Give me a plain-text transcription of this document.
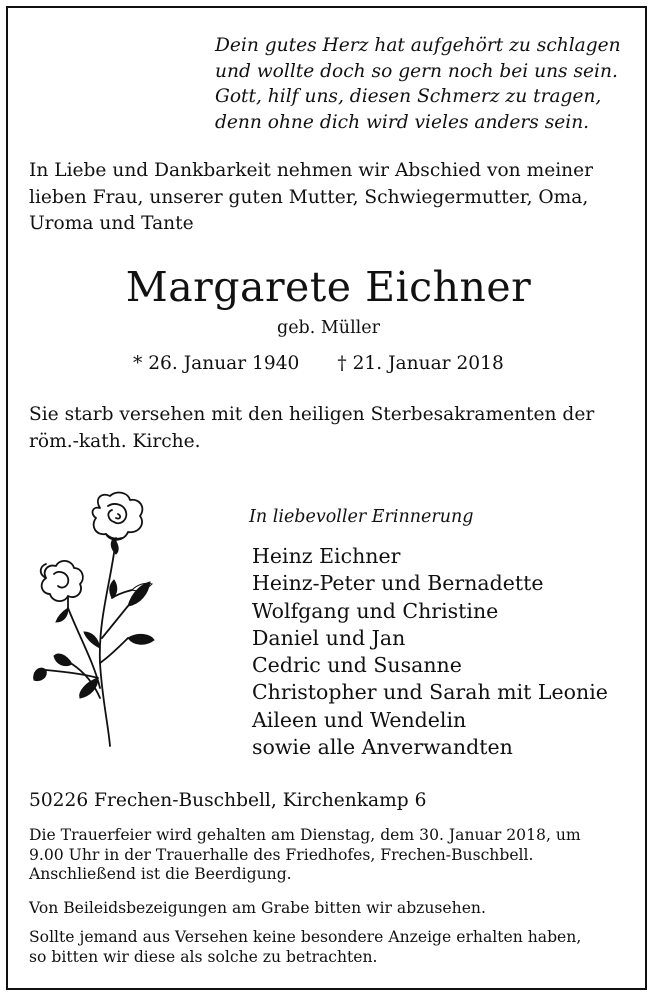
Dein gutes Herz hat aufgehört zu schlagen
und wollte doch so gern noch bei uns sein.
Gott, hilf uns, diesen Schmerz zu tragen,
denn ohne dich wird vieles anders sein.
In Liebe und Dankbarkeit nehmen wir Abschied von meiner
lieben Frau, unserer guten Mutter, Schwiegermutter, Oma,
Uroma und Tante
Margarete Eichner
geb. Müller
* 26. Januar 1940 † 21. Januar 2018
Sie starb versehen mit den heiligen Sterbesakramenten der
röm.-kath. Kirche.
In liebevoller Erinnerung
Heinz Eichner
Heinz-Peter und Bernadette
Wolfgang und Christine
Daniel und Jan
Cedric und Susanne
Christopher und Sarah mit Leonie
Aileen und Wendelin
sowie alle Anverwandten
50226 Frechen-Buschbell, Kirchenkamp 6
Die Trauerfeier wird gehalten am Dienstag, dem 30. Januar 2018, um
9.00 Uhr in der Trauerhalle des Friedhofes, Frechen-Buschbell.
Anschließend ist die Beerdigung.
Von Beileidsbezeigungen am Grabe bitten wir abzusehen.
Sollte jemand aus Versehen keine besondere Anzeige erhalten haben,
so bitten wir diese als solche zu betrachten.
